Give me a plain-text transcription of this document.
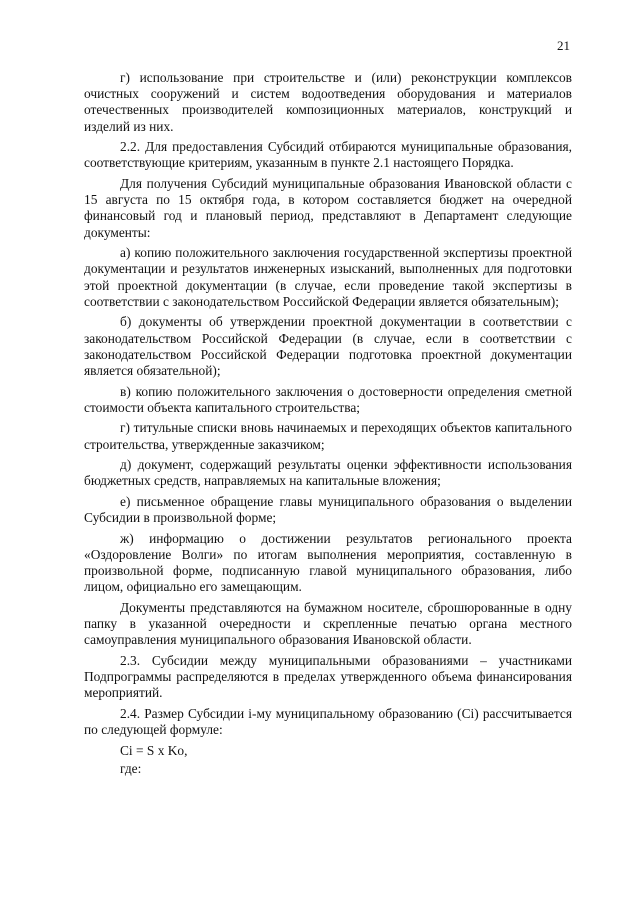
21

г) использование при строительстве и (или) реконструкции комплексов очистных сооружений и систем водоотведения оборудования и материалов отечественных производителей композиционных материалов, конструкций и изделий из них.

2.2. Для предоставления Субсидий отбираются муниципальные образования, соответствующие критериям, указанным в пункте 2.1 настоящего Порядка.

Для получения Субсидий муниципальные образования Ивановской области с 15 августа по 15 октября года, в котором составляется бюджет на очередной финансовый год и плановый период, представляют в Департамент следующие документы:

а) копию положительного заключения государственной экспертизы проектной документации и результатов инженерных изысканий, выполненных для подготовки этой проектной документации (в случае, если проведение такой экспертизы в соответствии с законодательством Российской Федерации является обязательным);

б) документы об утверждении проектной документации в соответствии с законодательством Российской Федерации (в случае, если в соответствии с законодательством Российской Федерации подготовка проектной документации является обязательной);

в) копию положительного заключения о достоверности определения сметной стоимости объекта капитального строительства;

г) титульные списки вновь начинаемых и переходящих объектов капитального строительства, утвержденные заказчиком;

д) документ, содержащий результаты оценки эффективности использования бюджетных средств, направляемых на капитальные вложения;

е) письменное обращение главы муниципального образования о выделении Субсидии в произвольной форме;

ж) информацию о достижении результатов регионального проекта «Оздоровление Волги» по итогам выполнения мероприятия, составленную в произвольной форме, подписанную главой муниципального образования, либо лицом, официально его замещающим.

Документы представляются на бумажном носителе, сброшюрованные в одну папку в указанной очередности и скрепленные печатью органа местного самоуправления муниципального образования Ивановской области.

2.3. Субсидии между муниципальными образованиями – участниками Подпрограммы распределяются в пределах утвержденного объема финансирования мероприятий.

2.4. Размер Субсидии i-му муниципальному образованию (Ci) рассчитывается по следующей формуле:

Ci = S x Ko,

где:
